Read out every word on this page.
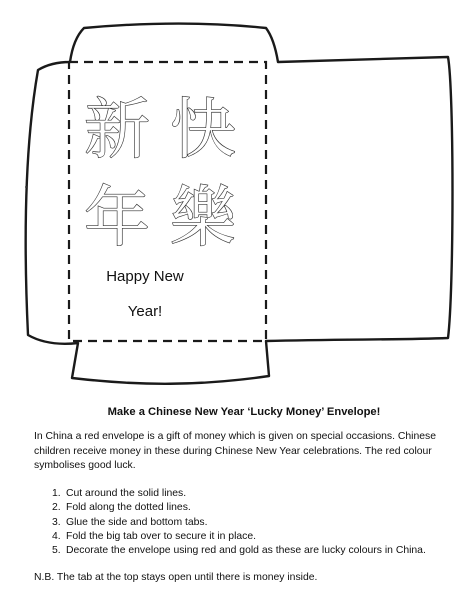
新 快
年 樂
Happy New
Year!
Make a Chinese New Year ‘Lucky Money’ Envelope!

In China a red envelope is a gift of money which is given on special occasions. Chinese children receive money in these during Chinese New Year celebrations. The red colour symbolises good luck.

1. Cut around the solid lines.
2. Fold along the dotted lines.
3. Glue the side and bottom tabs.
4. Fold the big tab over to secure it in place.
5. Decorate the envelope using red and gold as these are lucky colours in China.

N.B. The tab at the top stays open until there is money inside.
